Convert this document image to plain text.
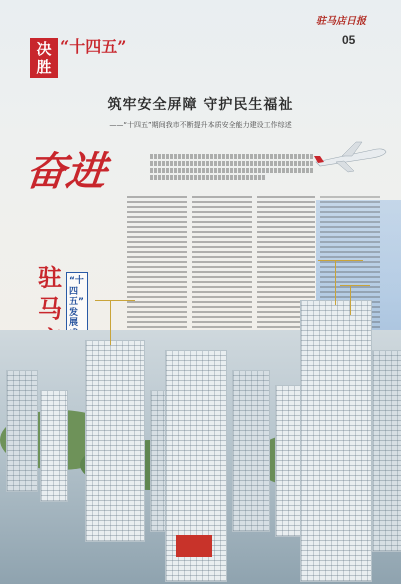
驻马店日报
05
决胜
“十四五”
筑牢安全屏障 守护民生福祉
——“十四五”期间我市不断提升本质安全能力建设工作综述
奋进
驻马
“十四五” 发展
